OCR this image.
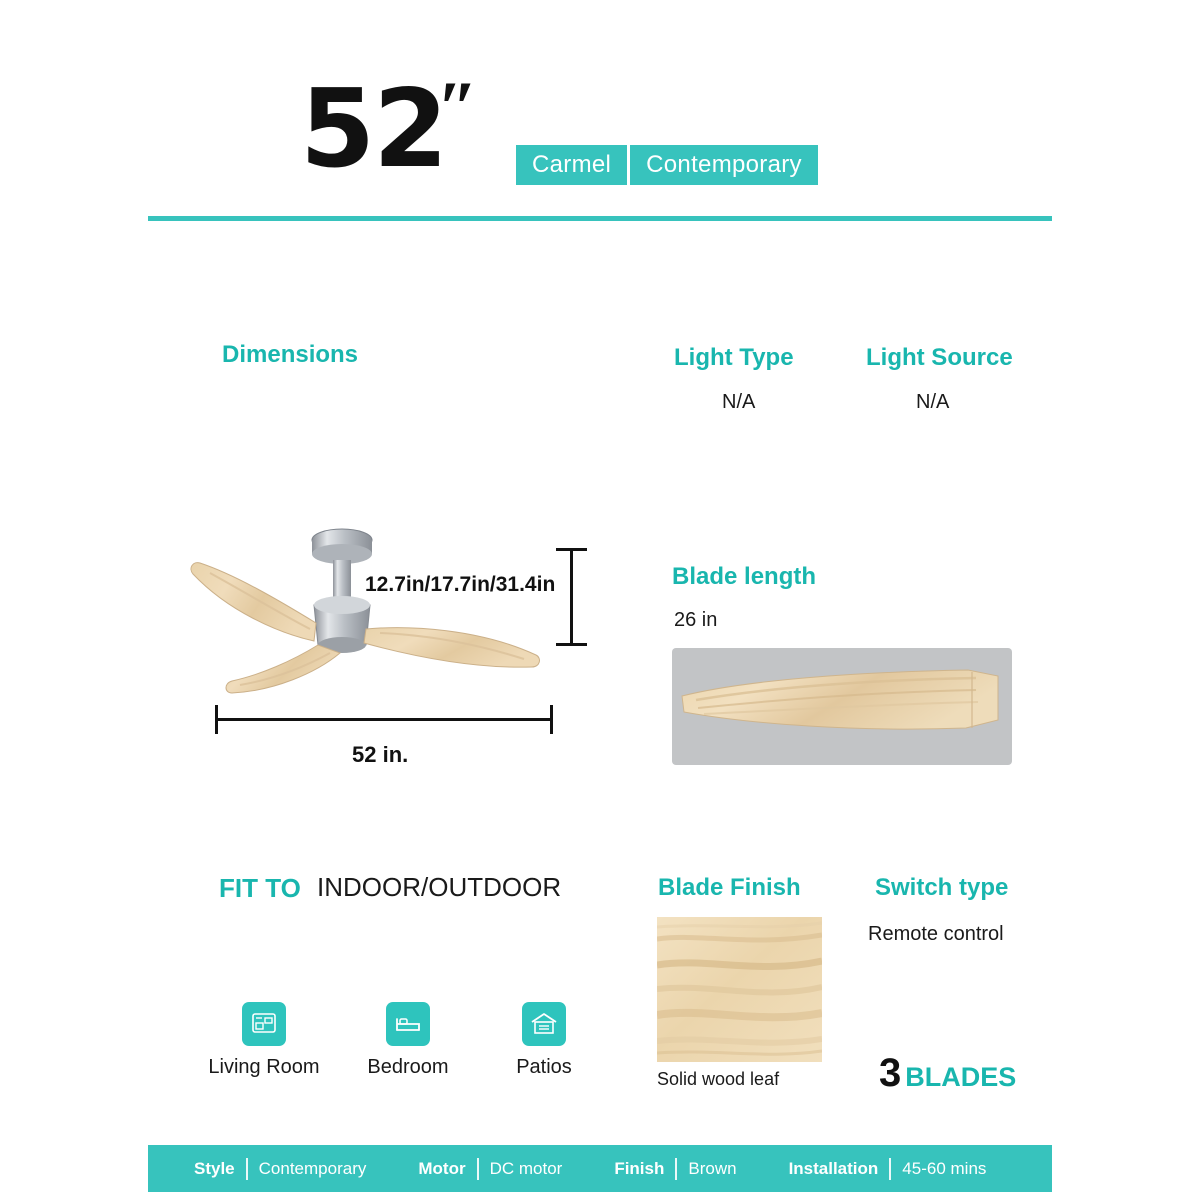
52
″
Carmel	Contemporary
Dimensions	Light Type	Light Source
N/A	N/A
12.7in/17.7in/31.4in
52 in.
Blade length
26 in
FIT TO INDOOR/OUTDOOR
Living Room	Bedroom	Patios
Blade Finish
Solid wood leaf
Switch type
Remote control
3 BLADES
Style	Contemporary	Motor	DC motor	Finish	Brown	Installation	45-60 mins
